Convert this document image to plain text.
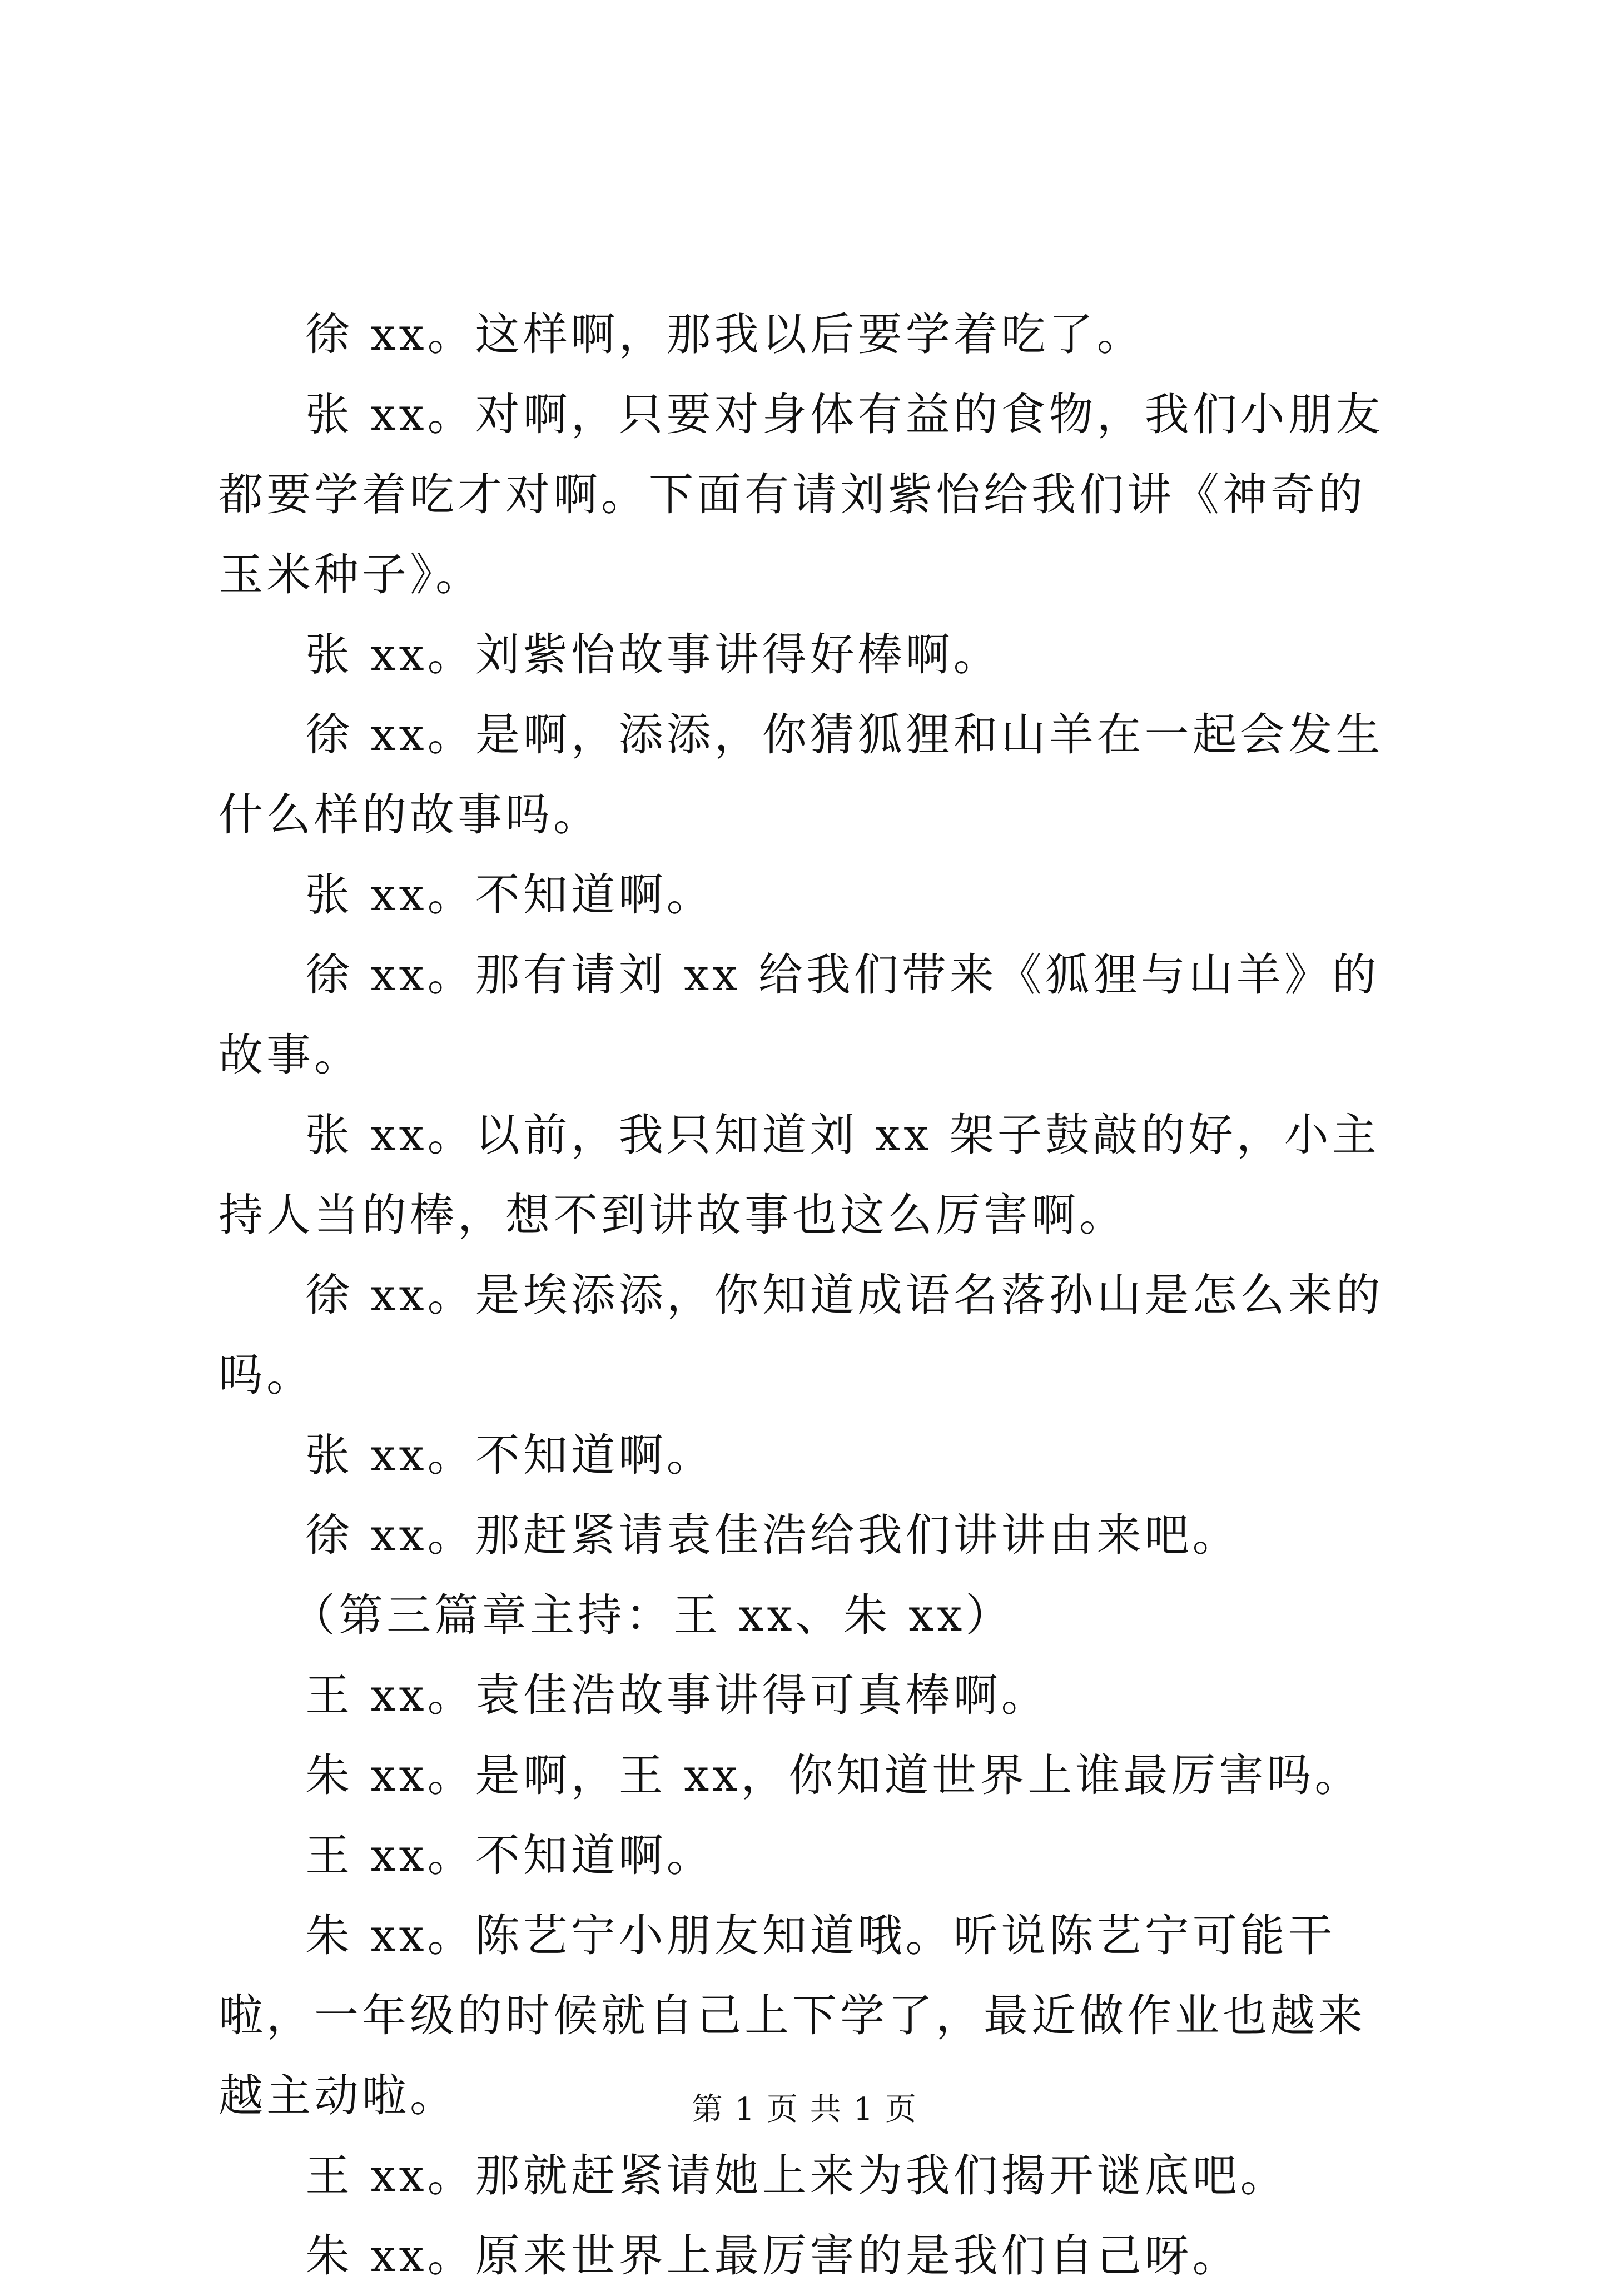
徐 xx。这样啊，那我以后要学着吃了。

张 xx。对啊，只要对身体有益的食物，我们小朋友都要学着吃才对啊。下面有请刘紫怡给我们讲《神奇的玉米种子》。

张 xx。刘紫怡故事讲得好棒啊。

徐 xx。是啊，添添，你猜狐狸和山羊在一起会发生什么样的故事吗。

张 xx。不知道啊。

徐 xx。那有请刘 xx 给我们带来《狐狸与山羊》的故事。

张 xx。以前，我只知道刘 xx 架子鼓敲的好，小主持人当的棒，想不到讲故事也这么厉害啊。

徐 xx。是埃添添，你知道成语名落孙山是怎么来的吗。

张 xx。不知道啊。

徐 xx。那赶紧请袁佳浩给我们讲讲由来吧。

（第三篇章主持：王 xx、朱 xx）

王 xx。袁佳浩故事讲得可真棒啊。

朱 xx。是啊，王 xx，你知道世界上谁最厉害吗。

王 xx。不知道啊。

朱 xx。陈艺宁小朋友知道哦。听说陈艺宁可能干啦，一年级的时候就自己上下学了，最近做作业也越来越主动啦。

王 xx。那就赶紧请她上来为我们揭开谜底吧。

朱 xx。原来世界上最厉害的是我们自己呀。

第 1 页 共 1 页
